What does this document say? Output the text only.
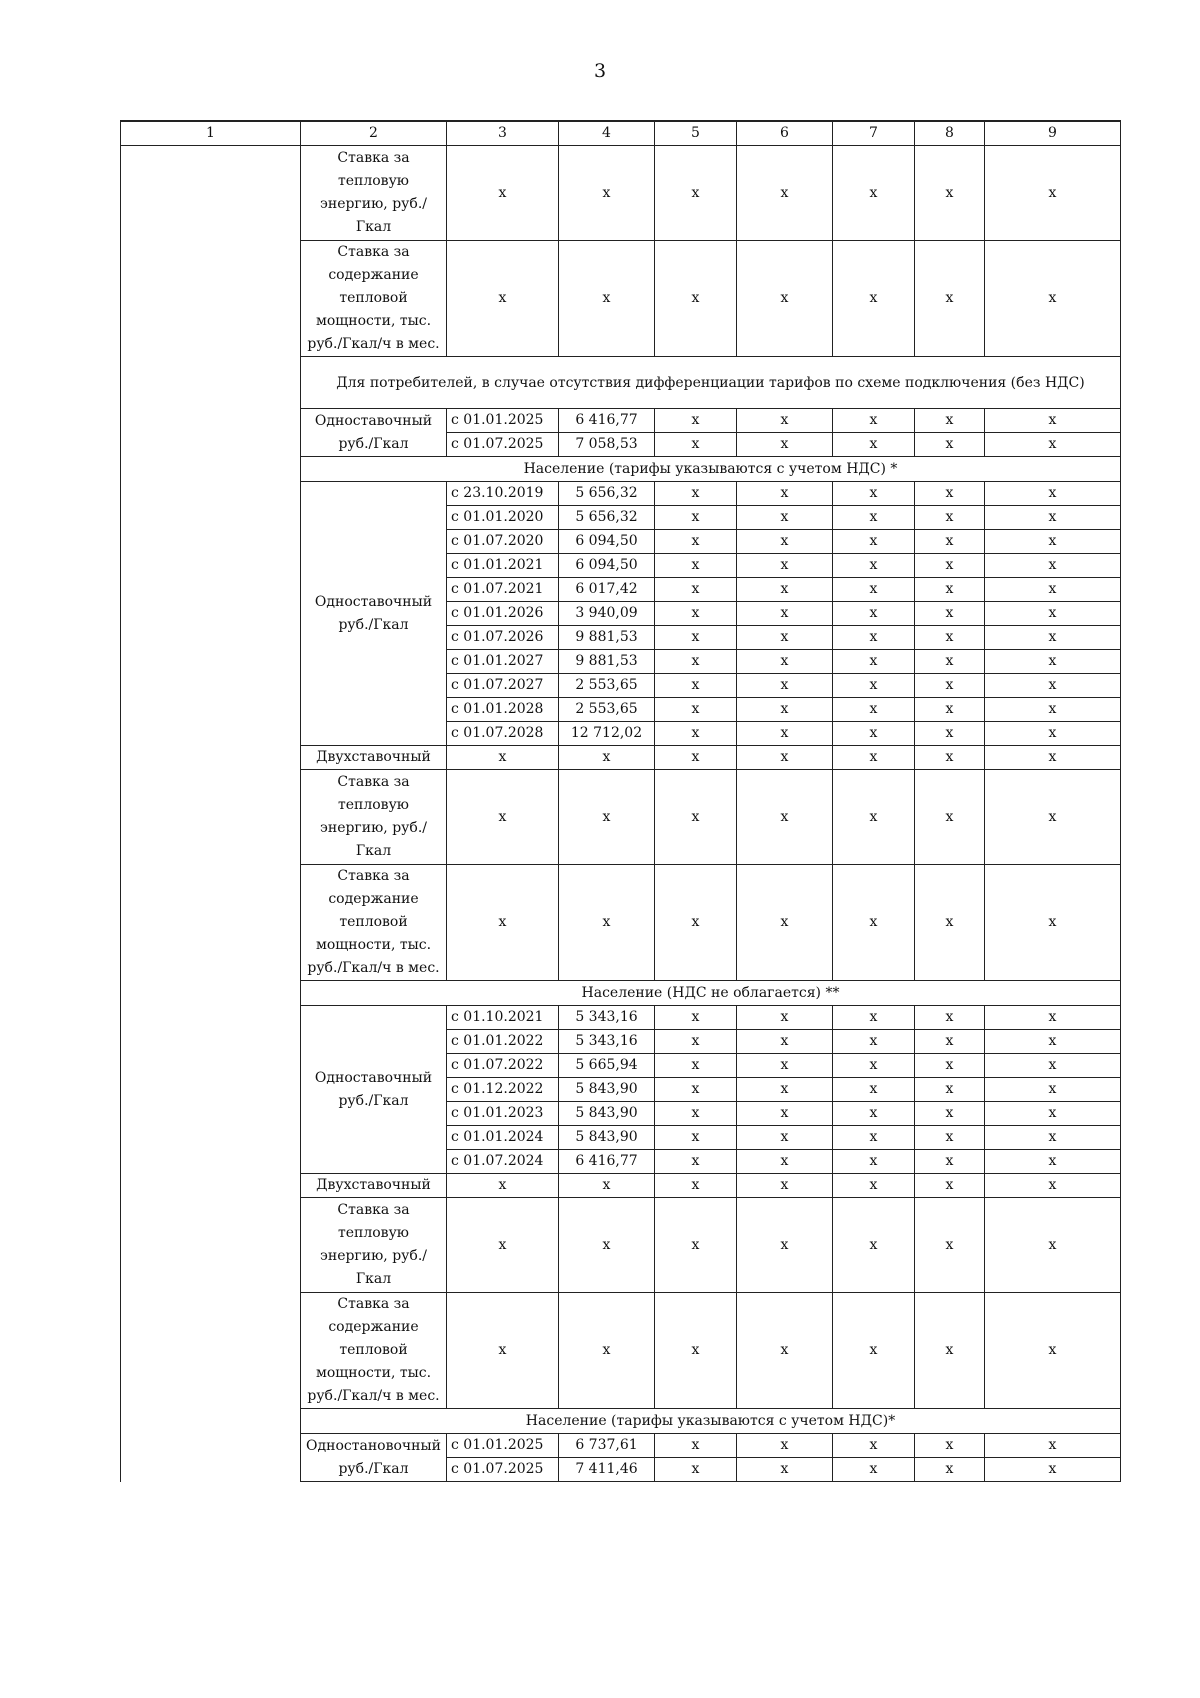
3
1	2	3	4	5	6	7	8	9
	Ставка за тепловую энергию, руб./Гкал	x	x	x	x	x	x	x
	Ставка за содержание тепловой мощности, тыс. руб./Гкал/ч в мес.	x	x	x	x	x	x	x
	Для потребителей, в случае отсутствия дифференциации тарифов по схеме подключения (без НДС)							
	Одноставочный руб./Гкал	с 01.01.2025	6 416,77	x	x	x	x	x
		с 01.07.2025	7 058,53	x	x	x	x	x
	Население (тарифы указываются с учетом НДС) *							
	Одноставочный руб./Гкал	с 23.10.2019	5 656,32	x	x	x	x	x
		с 01.01.2020	5 656,32	x	x	x	x	x
		с 01.07.2020	6 094,50	x	x	x	x	x
		с 01.01.2021	6 094,50	x	x	x	x	x
		с 01.07.2021	6 017,42	x	x	x	x	x
		с 01.01.2026	3 940,09	x	x	x	x	x
		с 01.07.2026	9 881,53	x	x	x	x	x
		с 01.01.2027	9 881,53	x	x	x	x	x
		с 01.07.2027	2 553,65	x	x	x	x	x
		с 01.01.2028	2 553,65	x	x	x	x	x
		с 01.07.2028	12 712,02	x	x	x	x	x
	Двухставочный	x	x	x	x	x	x	x
	Ставка за тепловую энергию, руб./Гкал	x	x	x	x	x	x	x
	Ставка за содержание тепловой мощности, тыс. руб./Гкал/ч в мес.	x	x	x	x	x	x	x
	Население (НДС не облагается) **							
	Одноставочный руб./Гкал	с 01.10.2021	5 343,16	x	x	x	x	x
		с 01.01.2022	5 343,16	x	x	x	x	x
		с 01.07.2022	5 665,94	x	x	x	x	x
		с 01.12.2022	5 843,90	x	x	x	x	x
		с 01.01.2023	5 843,90	x	x	x	x	x
		с 01.01.2024	5 843,90	x	x	x	x	x
		с 01.07.2024	6 416,77	x	x	x	x	x
	Двухставочный	x	x	x	x	x	x	x
	Ставка за тепловую энергию, руб./Гкал	x	x	x	x	x	x	x
	Ставка за содержание тепловой мощности, тыс. руб./Гкал/ч в мес.	x	x	x	x	x	x	x
	Население (тарифы указываются с учетом НДС)*							
	Одностановочный руб./Гкал	с 01.01.2025	6 737,61	x	x	x	x	x
		с 01.07.2025	7 411,46	x	x	x	x	x
